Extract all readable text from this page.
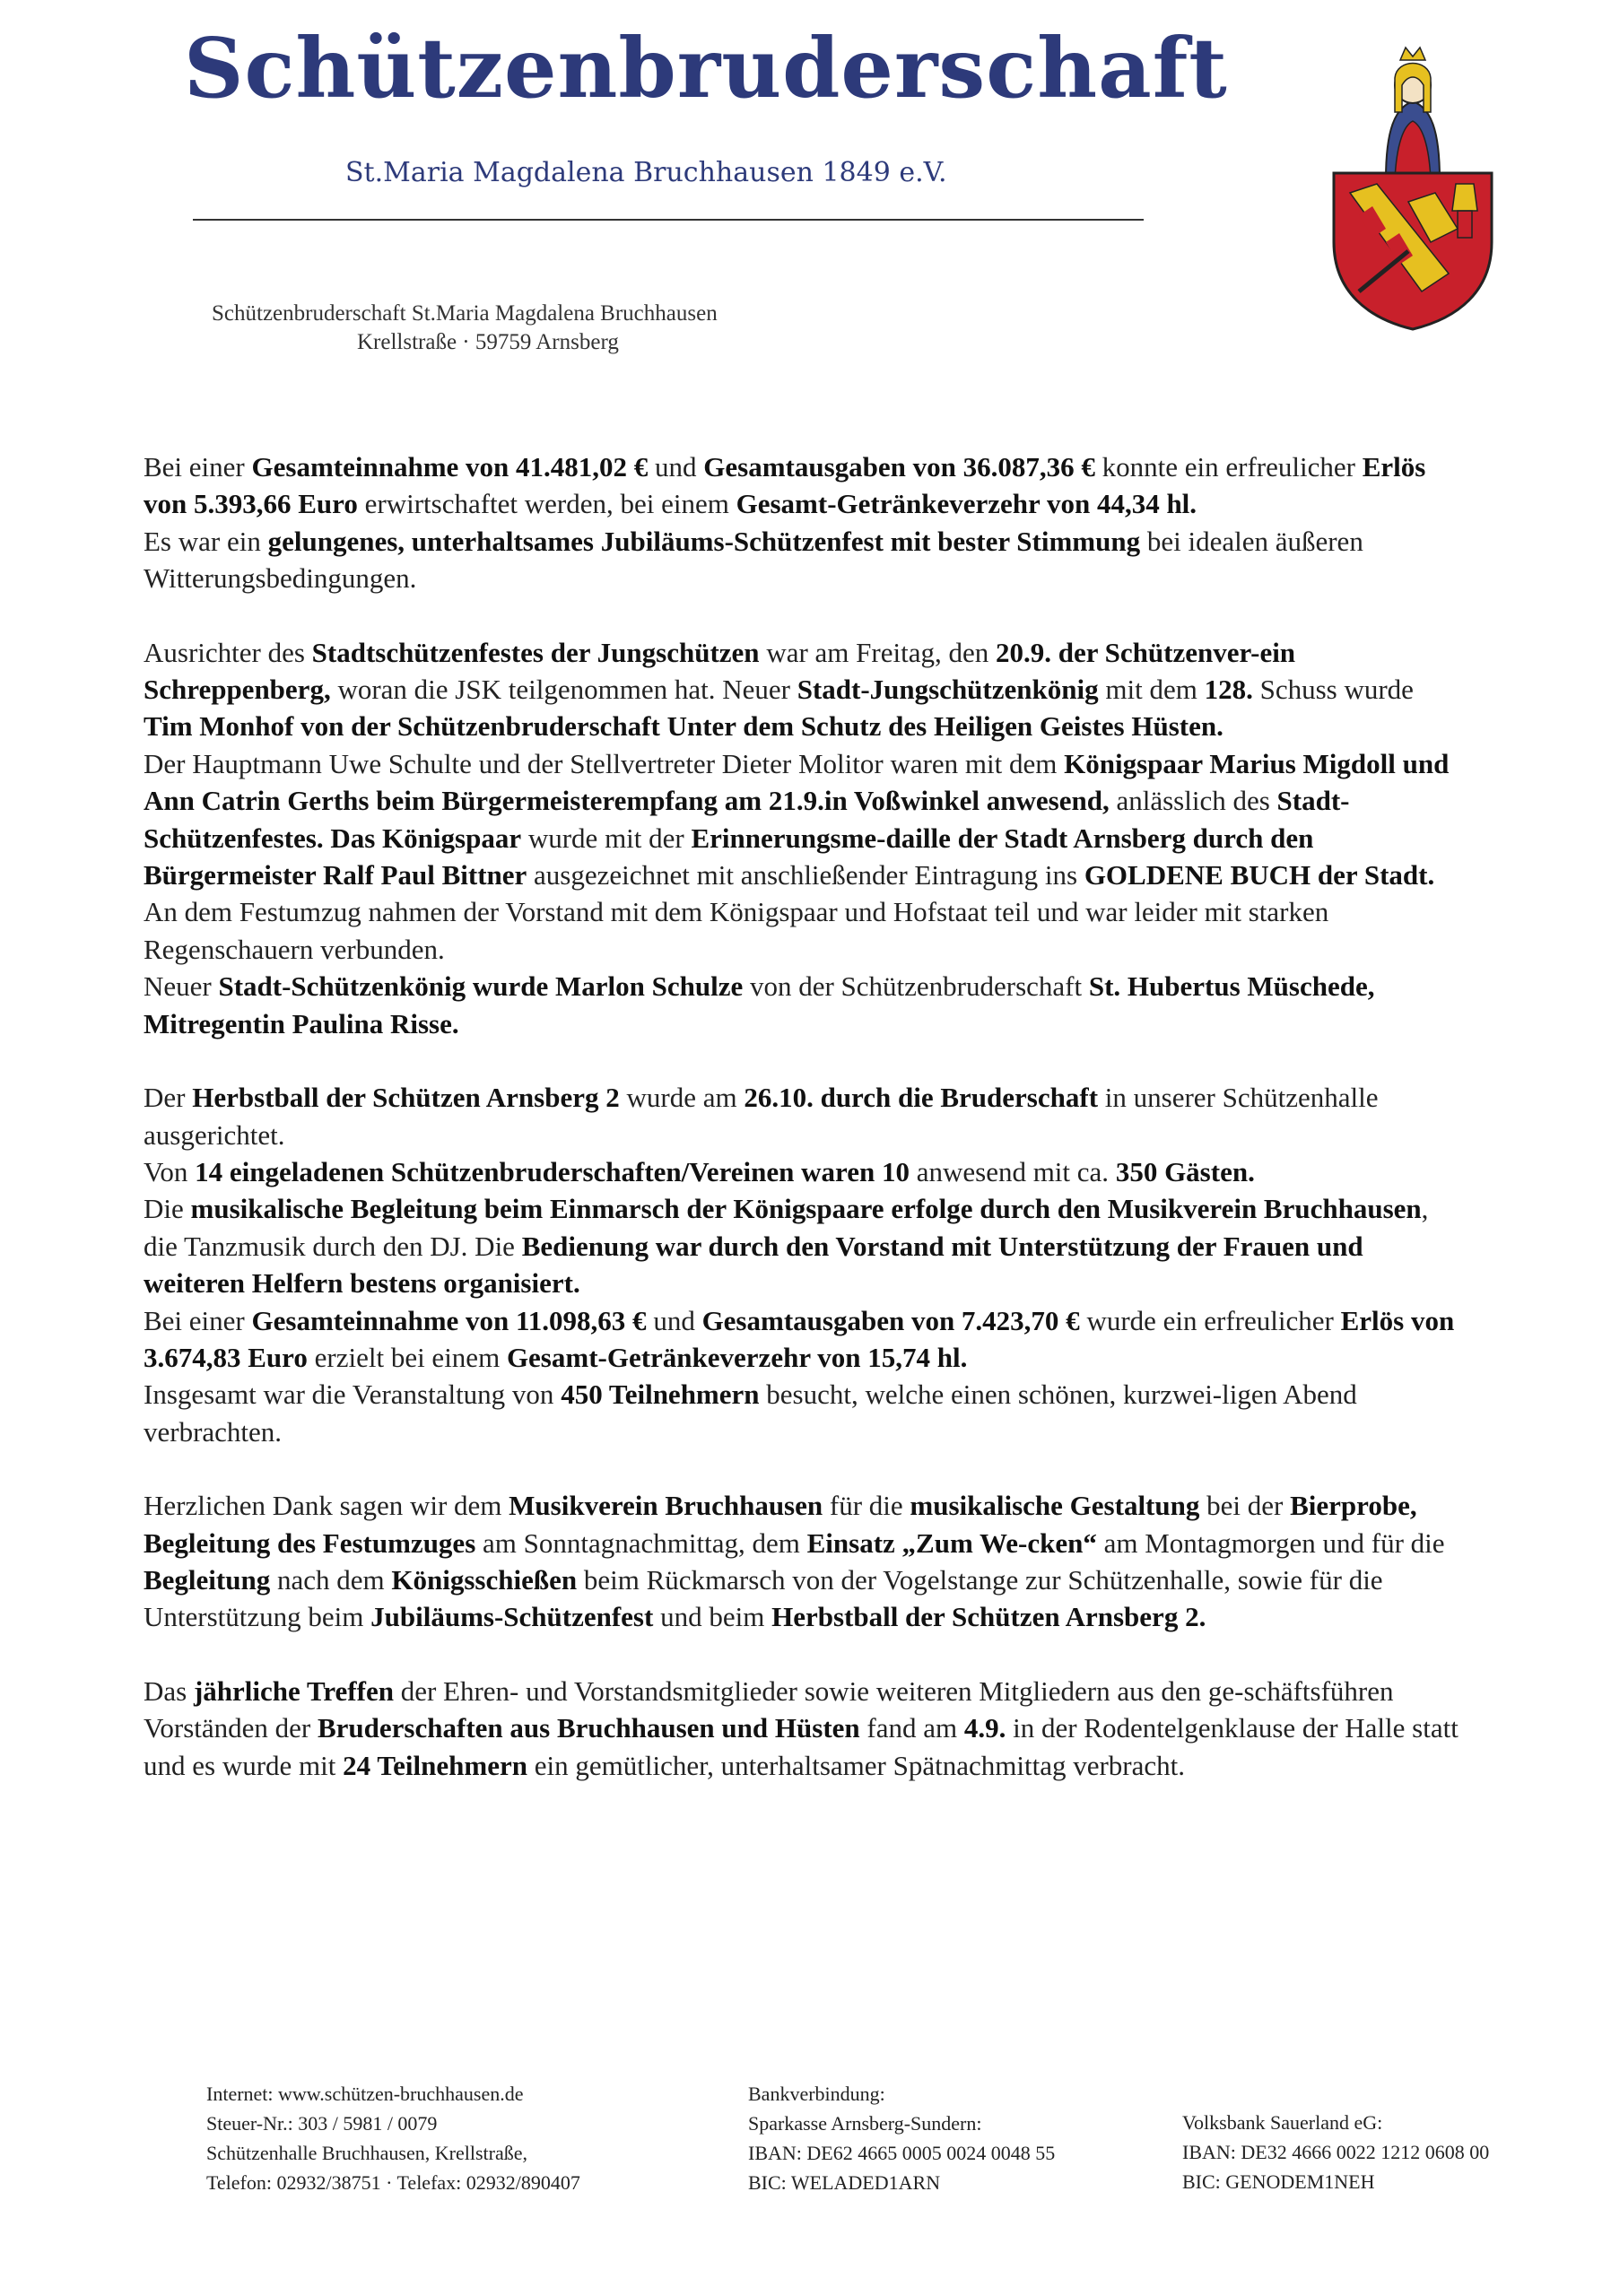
Schützenbruderschaft
St.Maria Magdalena Bruchhausen 1849 e.V.
Schützenbruderschaft St.Maria Magdalena Bruchhausen
Krellstraße · 59759 Arnsberg

Bei einer Gesamteinnahme von 41.481,02 € und Gesamtausgaben von 36.087,36 € konnte ein erfreulicher Erlös von 5.393,66 Euro erwirtschaftet werden, bei einem Gesamt-Getränkeverzehr von 44,34 hl.
Es war ein gelungenes, unterhaltsames Jubiläums-Schützenfest mit bester Stimmung bei idealen äußeren Witterungsbedingungen.

Ausrichter des Stadtschützenfestes der Jungschützen war am Freitag, den 20.9. der Schützenver-ein Schreppenberg, woran die JSK teilgenommen hat. Neuer Stadt-Jungschützenkönig mit dem 128. Schuss wurde Tim Monhof von der Schützenbruderschaft Unter dem Schutz des Heiligen Geistes Hüsten.
Der Hauptmann Uwe Schulte und der Stellvertreter Dieter Molitor waren mit dem Königspaar Marius Migdoll und Ann Catrin Gerths beim Bürgermeisterempfang am 21.9.in Voßwinkel anwesend, anlässlich des Stadt-Schützenfestes. Das Königspaar wurde mit der Erinnerungsme-daille der Stadt Arnsberg durch den Bürgermeister Ralf Paul Bittner ausgezeichnet mit anschließender Eintragung ins GOLDENE BUCH der Stadt.
An dem Festumzug nahmen der Vorstand mit dem Königspaar und Hofstaat teil und war leider mit starken Regenschauern verbunden.
Neuer Stadt-Schützenkönig wurde Marlon Schulze von der Schützenbruderschaft St. Hubertus Müschede, Mitregentin Paulina Risse.

Der Herbstball der Schützen Arnsberg 2 wurde am 26.10. durch die Bruderschaft in unserer Schützenhalle ausgerichtet.
Von 14 eingeladenen Schützenbruderschaften/Vereinen waren 10 anwesend mit ca. 350 Gästen.
Die musikalische Begleitung beim Einmarsch der Königspaare erfolge durch den Musikverein Bruchhausen, die Tanzmusik durch den DJ. Die Bedienung war durch den Vorstand mit Unterstützung der Frauen und weiteren Helfern bestens organisiert.
Bei einer Gesamteinnahme von 11.098,63 € und Gesamtausgaben von 7.423,70 € wurde ein erfreulicher Erlös von 3.674,83 Euro erzielt bei einem Gesamt-Getränkeverzehr von 15,74 hl.
Insgesamt war die Veranstaltung von 450 Teilnehmern besucht, welche einen schönen, kurzwei-ligen Abend verbrachten.

Herzlichen Dank sagen wir dem Musikverein Bruchhausen für die musikalische Gestaltung bei der Bierprobe, Begleitung des Festumzuges am Sonntagnachmittag, dem Einsatz „Zum We-cken“ am Montagmorgen und für die Begleitung nach dem Königsschießen beim Rückmarsch von der Vogelstange zur Schützenhalle, sowie für die Unterstützung beim Jubiläums-Schützenfest und beim Herbstball der Schützen Arnsberg 2.

Das jährliche Treffen der Ehren- und Vorstandsmitglieder sowie weiteren Mitgliedern aus den ge-schäftsführen Vorständen der Bruderschaften aus Bruchhausen und Hüsten fand am 4.9. in der Rodentelgenklause der Halle statt und es wurde mit 24 Teilnehmern ein gemütlicher, unterhaltsamer Spätnachmittag verbracht.

Internet: www.schützen-bruchhausen.de
Steuer-Nr.: 303 / 5981 / 0079
Schützenhalle Bruchhausen, Krellstraße,
Telefon: 02932/38751 · Telefax: 02932/890407
Bankverbindung:
Sparkasse Arnsberg-Sundern:
IBAN: DE62 4665 0005 0024 0048 55
BIC: WELADED1ARN
Volksbank Sauerland eG:
IBAN: DE32 4666 0022 1212 0608 00
BIC: GENODEM1NEH
